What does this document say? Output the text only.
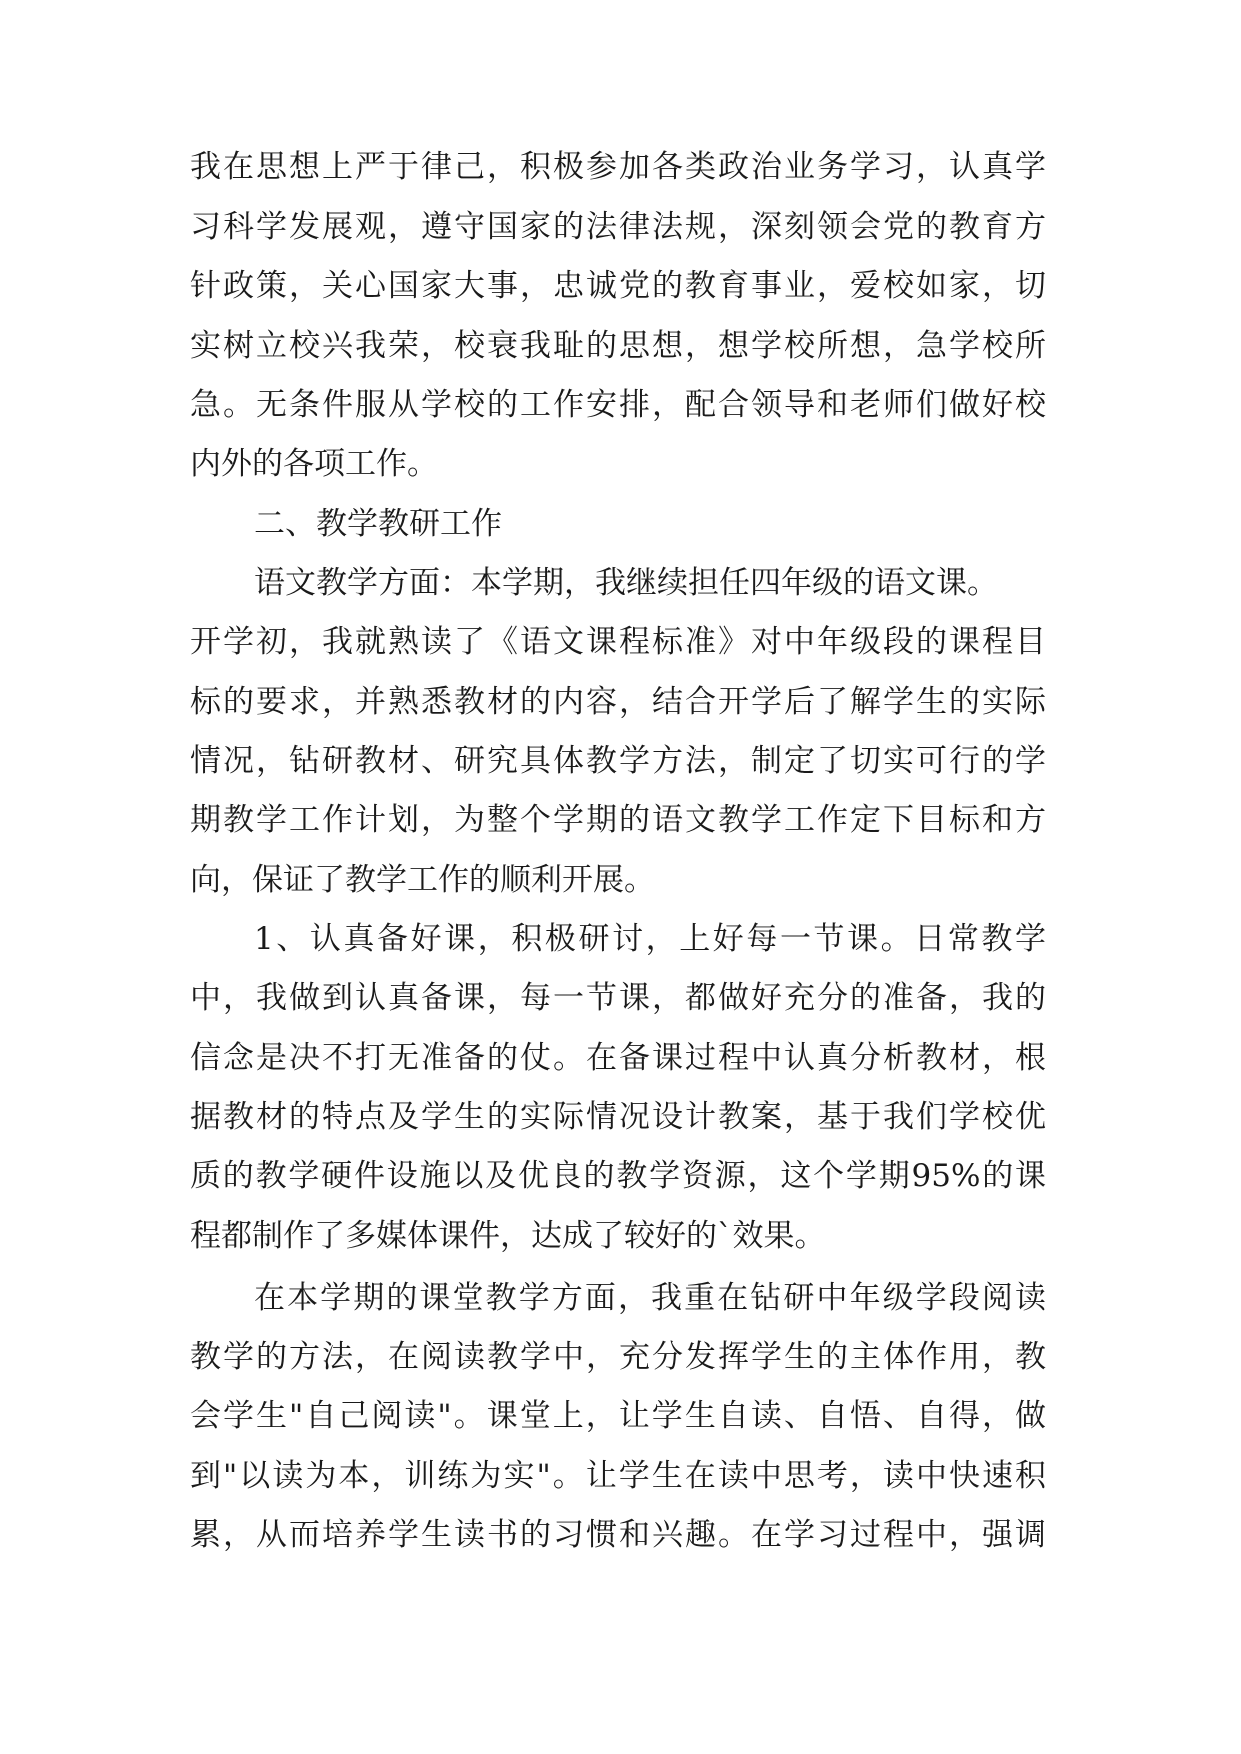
我在思想上严于律己，积极参加各类政治业务学习，认真学

习科学发展观，遵守国家的法律法规，深刻领会党的教育方

针政策，关心国家大事，忠诚党的教育事业，爱校如家，切

实树立校兴我荣，校衰我耻的思想，想学校所想，急学校所

急。无条件服从学校的工作安排，配合领导和老师们做好校

内外的各项工作。

二、教学教研工作

语文教学方面：本学期，我继续担任四年级的语文课。

开学初，我就熟读了《语文课程标准》对中年级段的课程目

标的要求，并熟悉教材的内容，结合开学后了解学生的实际

情况，钻研教材、研究具体教学方法，制定了切实可行的学

期教学工作计划，为整个学期的语文教学工作定下目标和方

向，保证了教学工作的顺利开展。

1、认真备好课，积极研讨，上好每一节课。日常教学

中，我做到认真备课，每一节课，都做好充分的准备，我的

信念是决不打无准备的仗。在备课过程中认真分析教材，根

据教材的特点及学生的实际情况设计教案，基于我们学校优

质的教学硬件设施以及优良的教学资源，这个学期95%的课

程都制作了多媒体课件，达成了较好的`效果。

在本学期的课堂教学方面，我重在钻研中年级学段阅读

教学的方法，在阅读教学中，充分发挥学生的主体作用，教

会学生"自己阅读"。课堂上，让学生自读、自悟、自得，做

到"以读为本，训练为实"。让学生在读中思考，读中快速积

累，从而培养学生读书的习惯和兴趣。在学习过程中，强调
